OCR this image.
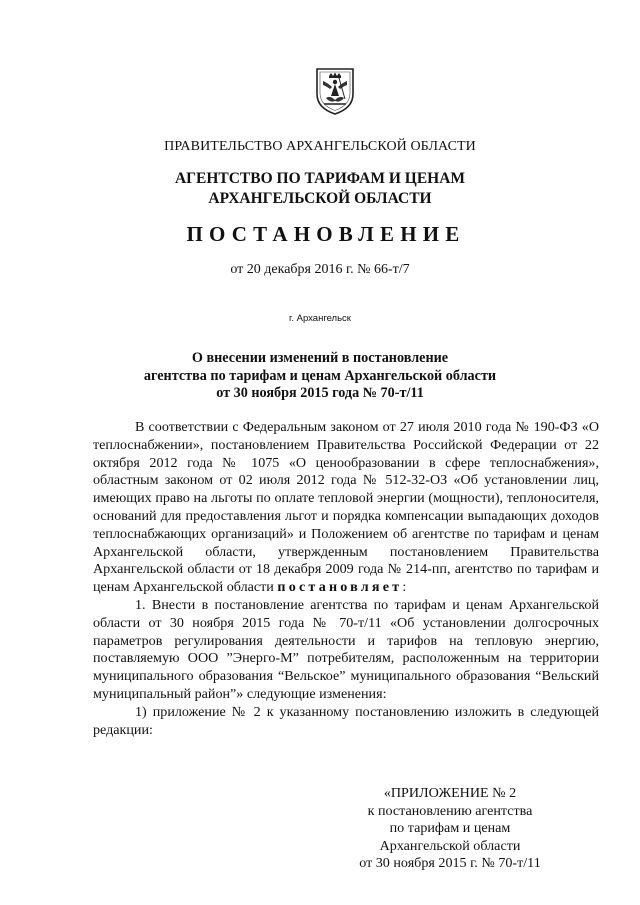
ПРАВИТЕЛЬСТВО АРХАНГЕЛЬСКОЙ ОБЛАСТИ
АГЕНТСТВО ПО ТАРИФАМ И ЦЕНАМ
АРХАНГЕЛЬСКОЙ ОБЛАСТИ
ПОСТАНОВЛЕНИЕ
от 20 декабря 2016 г. № 66-т/7
г. Архангельск
О внесении изменений в постановление
агентства по тарифам и ценам Архангельской области
от 30 ноября 2015 года № 70-т/11

В соответствии с Федеральным законом от 27 июля 2010 года № 190-ФЗ «О теплоснабжении», постановлением Правительства Российской Федерации от 22 октября 2012 года № 1075 «О ценообразовании в сфере теплоснабжения», областным законом от 02 июля 2012 года № 512-32-ОЗ «Об установлении лиц, имеющих право на льготы по оплате тепловой энергии (мощности), теплоносителя, оснований для предоставления льгот и порядка компенсации выпадающих доходов теплоснабжающих организаций» и Положением об агентстве по тарифам и ценам Архангельской области, утвержденным постановлением Правительства Архангельской области от 18 декабря 2009 года № 214-пп, агентство по тарифам и ценам Архангельской области постановляет:

1. Внести в постановление агентства по тарифам и ценам Архангельской области от 30 ноября 2015 года № 70-т/11 «Об установлении долгосрочных параметров регулирования деятельности и тарифов на тепловую энергию, поставляемую ООО ”Энерго-М” потребителям, расположенным на территории муниципального образования “Вельское” муниципального образования “Вельский муниципальный район”» следующие изменения:

1) приложение № 2 к указанному постановлению изложить в следующей редакции:

«ПРИЛОЖЕНИЕ № 2
к постановлению агентства
по тарифам и ценам
Архангельской области
от 30 ноября 2015 г. № 70-т/11
